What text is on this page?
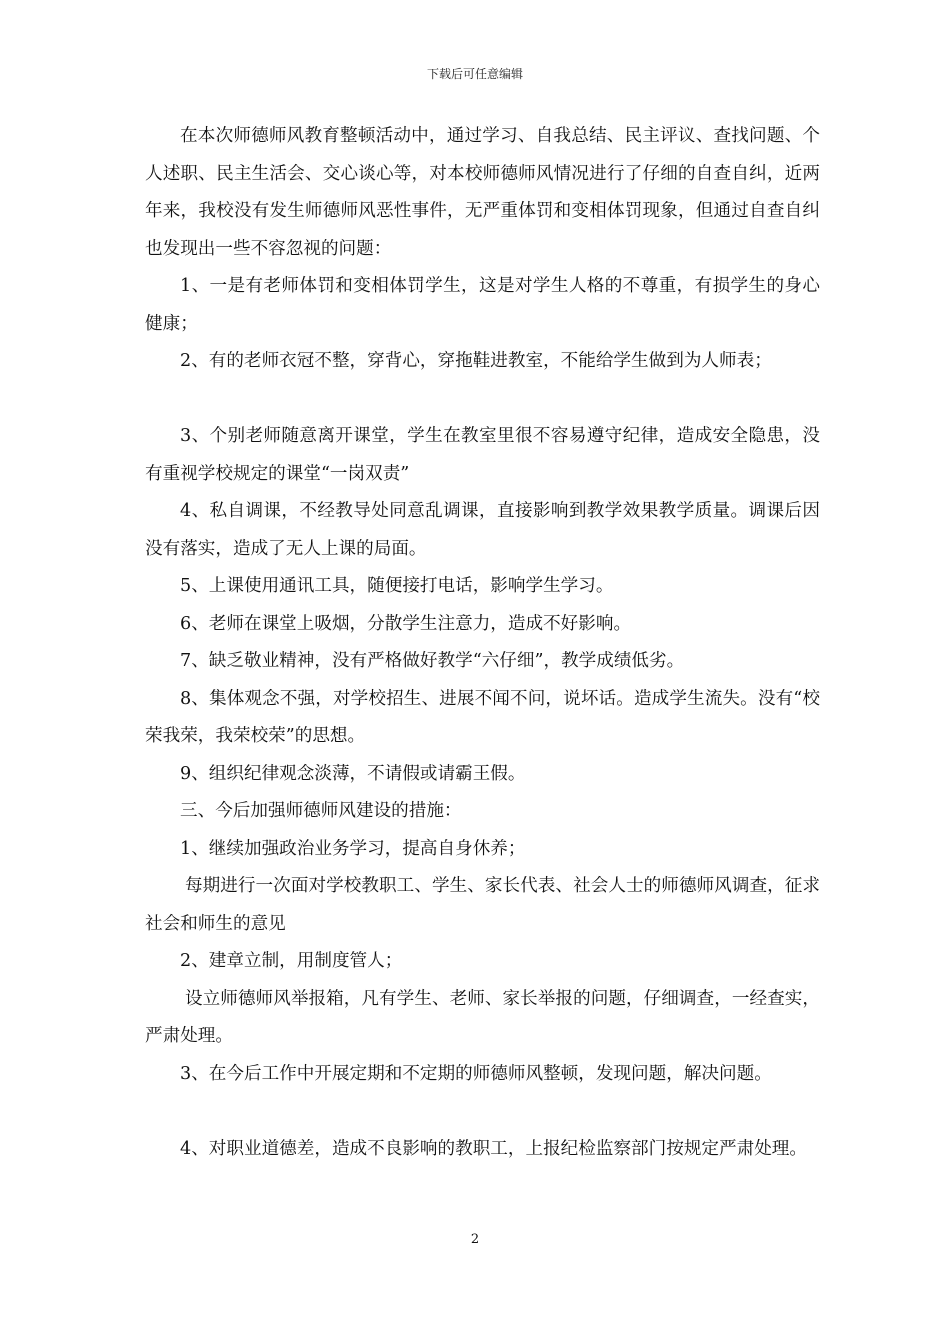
下载后可任意编辑

在本次师德师风教育整顿活动中，通过学习、自我总结、民主评议、查找问题、个人述职、民主生活会、交心谈心等，对本校师德师风情况进行了仔细的自查自纠，近两年来，我校没有发生师德师风恶性事件，无严重体罚和变相体罚现象，但通过自查自纠也发现出一些不容忽视的问题：

1、一是有老师体罚和变相体罚学生，这是对学生人格的不尊重，有损学生的身心健康；

2、有的老师衣冠不整，穿背心，穿拖鞋进教室，不能给学生做到为人师表；

3、个别老师随意离开课堂，学生在教室里很不容易遵守纪律，造成安全隐患，没有重视学校规定的课堂“一岗双责”

4、私自调课，不经教导处同意乱调课，直接影响到教学效果教学质量。调课后因没有落实，造成了无人上课的局面。

5、上课使用通讯工具，随便接打电话，影响学生学习。

6、老师在课堂上吸烟，分散学生注意力，造成不好影响。

7、缺乏敬业精神，没有严格做好教学“六仔细”，教学成绩低劣。

8、集体观念不强，对学校招生、进展不闻不问，说坏话。造成学生流失。没有“校荣我荣，我荣校荣”的思想。

9、组织纪律观念淡薄，不请假或请霸王假。

三、今后加强师德师风建设的措施：

1、继续加强政治业务学习，提高自身休养；

每期进行一次面对学校教职工、学生、家长代表、社会人士的师德师风调查，征求社会和师生的意见

2、建章立制，用制度管人；

设立师德师风举报箱，凡有学生、老师、家长举报的问题，仔细调查，一经查实，严肃处理。

3、在今后工作中开展定期和不定期的师德师风整顿，发现问题，解决问题。

4、对职业道德差，造成不良影响的教职工，上报纪检监察部门按规定严肃处理。

2
